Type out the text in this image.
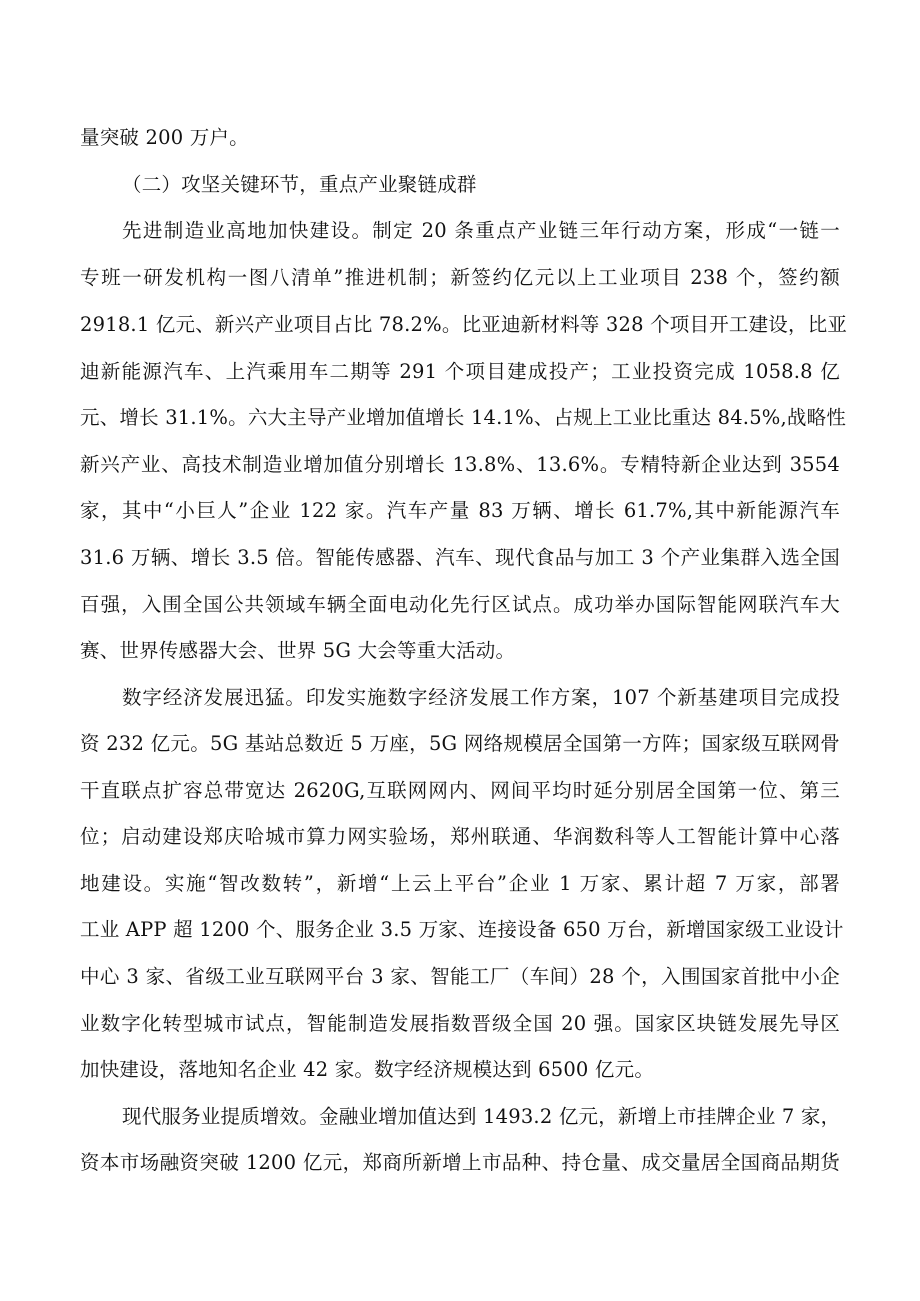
量突破 200 万户。
（二）攻坚关键环节，重点产业聚链成群
先进制造业高地加快建设。制定 20 条重点产业链三年行动方案，形成“一链一
专班一研发机构一图八清单”推进机制；新签约亿元以上工业项目 238 个，签约额
2918.1 亿元、新兴产业项目占比 78.2%。比亚迪新材料等 328 个项目开工建设，比亚
迪新能源汽车、上汽乘用车二期等 291 个项目建成投产；工业投资完成 1058.8 亿
元、增长 31.1%。六大主导产业增加值增长 14.1%、占规上工业比重达 84.5%,战略性
新兴产业、高技术制造业增加值分别增长 13.8%、13.6%。专精特新企业达到 3554
家，其中“小巨人”企业 122 家。汽车产量 83 万辆、增长 61.7%,其中新能源汽车
31.6 万辆、增长 3.5 倍。智能传感器、汽车、现代食品与加工 3 个产业集群入选全国
百强，入围全国公共领域车辆全面电动化先行区试点。成功举办国际智能网联汽车大
赛、世界传感器大会、世界 5G 大会等重大活动。
数字经济发展迅猛。印发实施数字经济发展工作方案，107 个新基建项目完成投
资 232 亿元。5G 基站总数近 5 万座，5G 网络规模居全国第一方阵；国家级互联网骨
干直联点扩容总带宽达 2620G,互联网网内、网间平均时延分别居全国第一位、第三
位；启动建设郑庆哈城市算力网实验场，郑州联通、华润数科等人工智能计算中心落
地建设。实施“智改数转”，新增“上云上平台”企业 1 万家、累计超 7 万家，部署
工业 APP 超 1200 个、服务企业 3.5 万家、连接设备 650 万台，新增国家级工业设计
中心 3 家、省级工业互联网平台 3 家、智能工厂（车间）28 个，入围国家首批中小企
业数字化转型城市试点，智能制造发展指数晋级全国 20 强。国家区块链发展先导区
加快建设，落地知名企业 42 家。数字经济规模达到 6500 亿元。
现代服务业提质增效。金融业增加值达到 1493.2 亿元，新增上市挂牌企业 7 家，
资本市场融资突破 1200 亿元，郑商所新增上市品种、持仓量、成交量居全国商品期货
